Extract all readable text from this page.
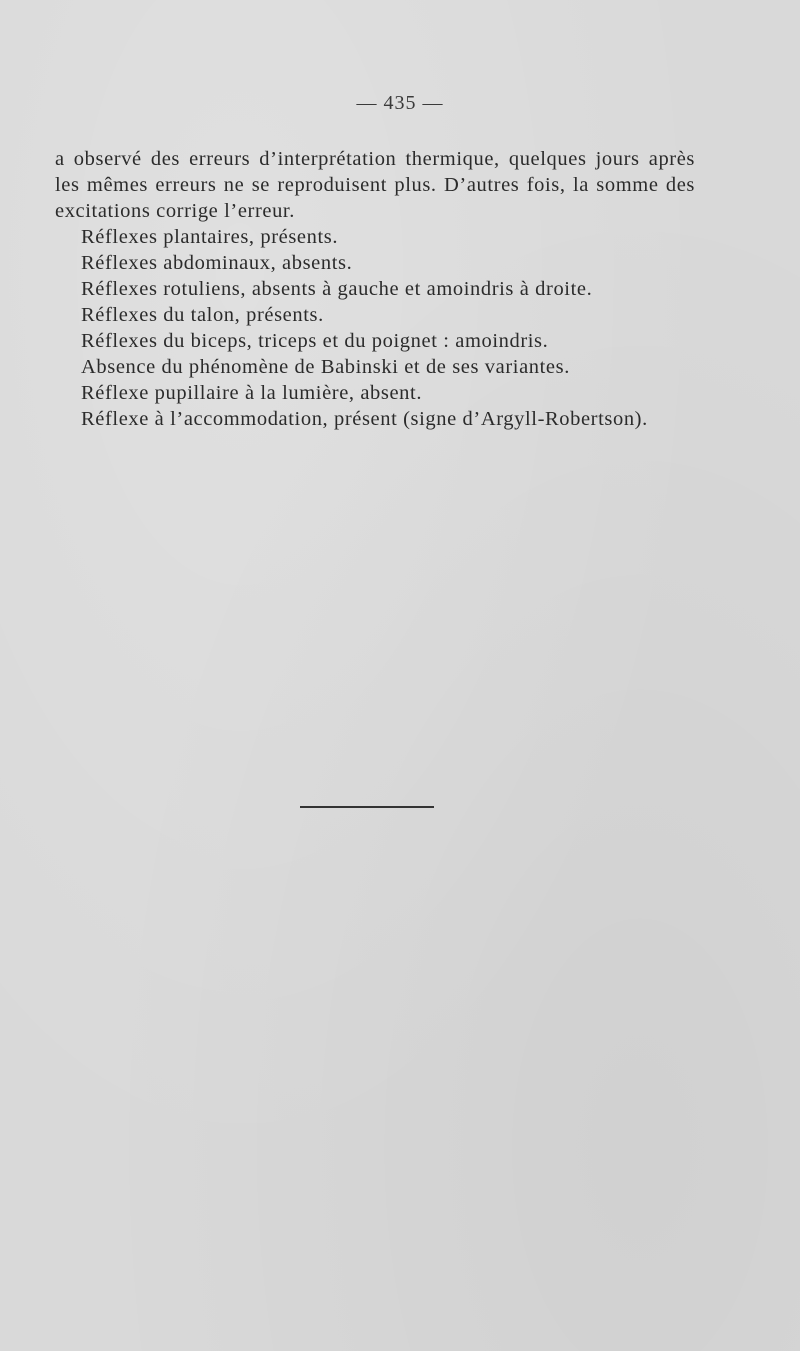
— 435 —

a observé des erreurs d’interprétation thermique, quelques jours après les mêmes erreurs ne se reproduisent plus. D’autres fois, la somme des excitations corrige l’erreur.

Réflexes plantaires, présents.

Réflexes abdominaux, absents.

Réflexes rotuliens, absents à gauche et amoindris à droite.

Réflexes du talon, présents.

Réflexes du biceps, triceps et du poignet : amoindris.

Absence du phénomène de Babinski et de ses variantes.

Réflexe pupillaire à la lumière, absent.

Réflexe à l’accommodation, présent (signe d’Argyll-Robertson).
